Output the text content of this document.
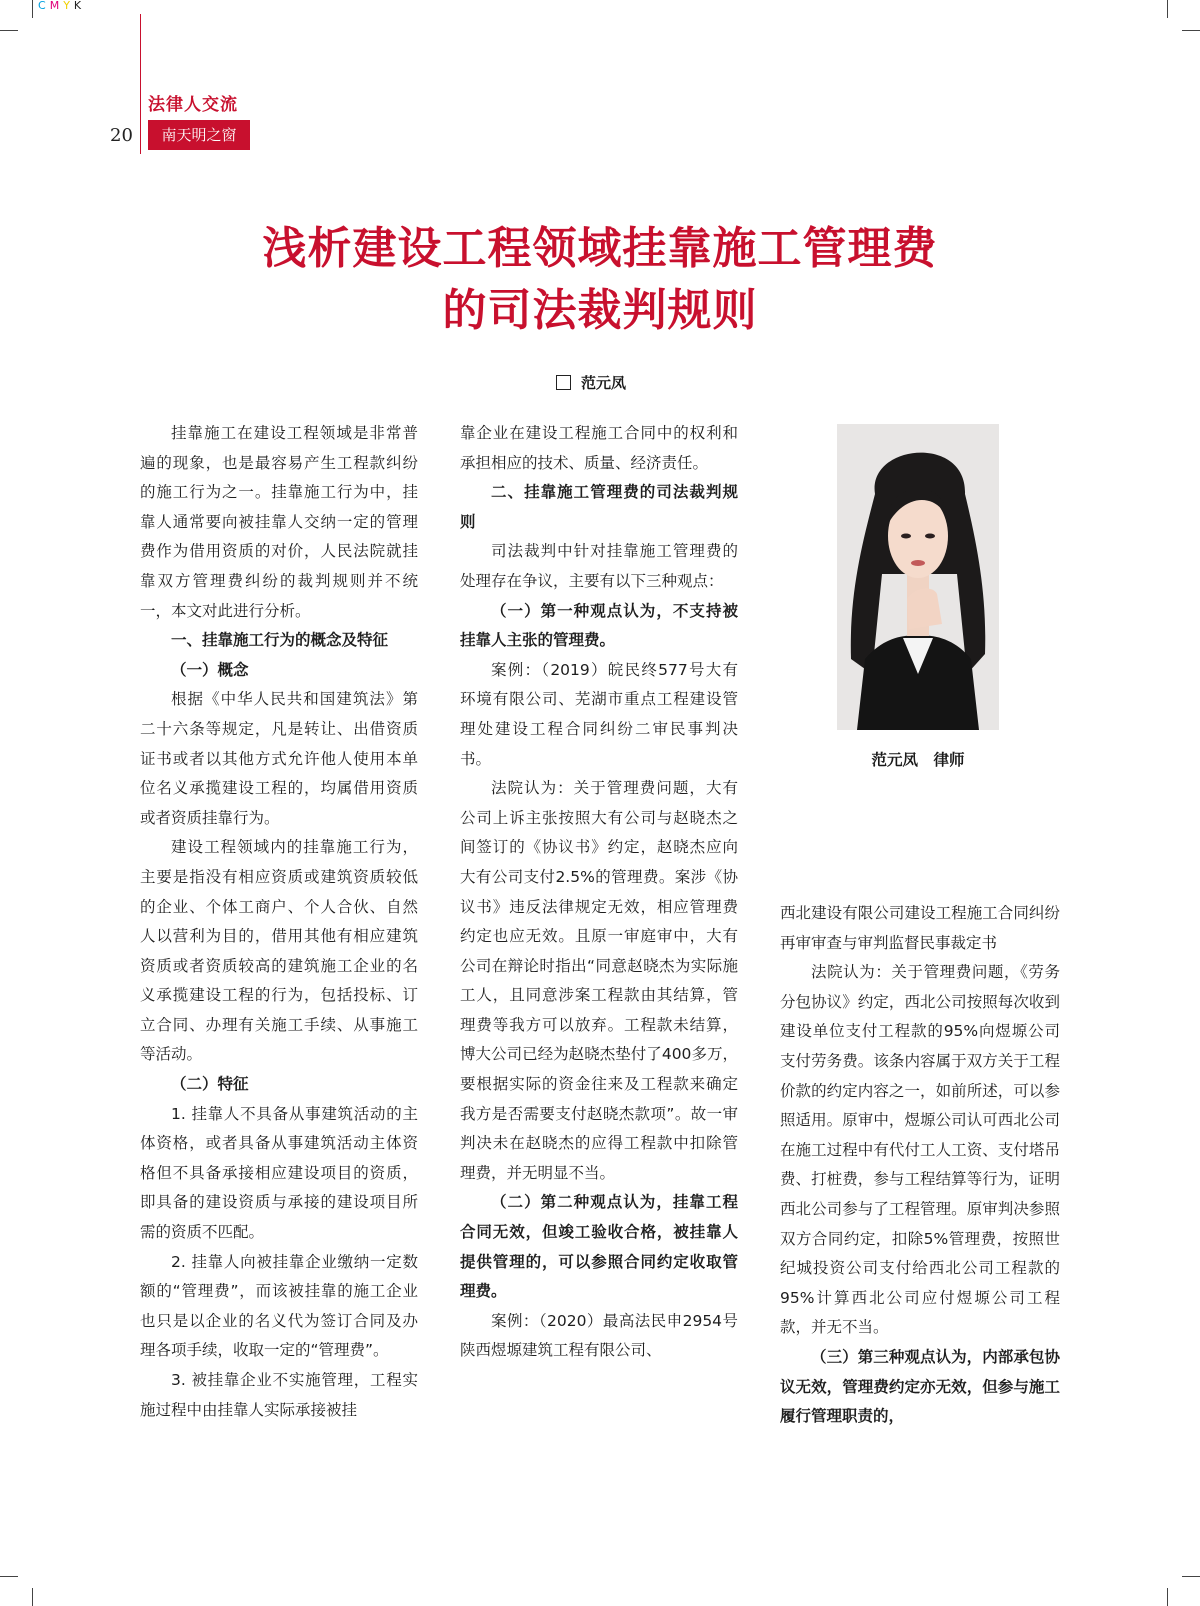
CMYK
法律人交流
20	南天明之窗
浅析建设工程领域挂靠施工管理费
的司法裁判规则
范元凤

挂靠施工在建设工程领域是非常普遍的现象，也是最容易产生工程款纠纷的施工行为之一。挂靠施工行为中，挂靠人通常要向被挂靠人交纳一定的管理费作为借用资质的对价，人民法院就挂靠双方管理费纠纷的裁判规则并不统一，本文对此进行分析。

一、挂靠施工行为的概念及特征

（一）概念

根据《中华人民共和国建筑法》第二十六条等规定，凡是转让、出借资质证书或者以其他方式允许他人使用本单位名义承揽建设工程的，均属借用资质或者资质挂靠行为。

建设工程领域内的挂靠施工行为，主要是指没有相应资质或建筑资质较低的企业、个体工商户、个人合伙、自然人以营利为目的，借用其他有相应建筑资质或者资质较高的建筑施工企业的名义承揽建设工程的行为，包括投标、订立合同、办理有关施工手续、从事施工等活动。

（二）特征

1. 挂靠人不具备从事建筑活动的主体资格，或者具备从事建筑活动主体资格但不具备承接相应建设项目的资质，即具备的建设资质与承接的建设项目所需的资质不匹配。

2. 挂靠人向被挂靠企业缴纳一定数额的“管理费”，而该被挂靠的施工企业也只是以企业的名义代为签订合同及办理各项手续，收取一定的“管理费”。

3. 被挂靠企业不实施管理，工程实施过程中由挂靠人实际承接被挂

靠企业在建设工程施工合同中的权利和承担相应的技术、质量、经济责任。

二、挂靠施工管理费的司法裁判规则

司法裁判中针对挂靠施工管理费的处理存在争议，主要有以下三种观点：

（一）第一种观点认为，不支持被挂靠人主张的管理费。

案例：（2019）皖民终577号大有环境有限公司、芜湖市重点工程建设管理处建设工程合同纠纷二审民事判决书。

法院认为：关于管理费问题，大有公司上诉主张按照大有公司与赵晓杰之间签订的《协议书》约定，赵晓杰应向大有公司支付2.5%的管理费。案涉《协议书》违反法律规定无效，相应管理费约定也应无效。且原一审庭审中，大有公司在辩论时指出“同意赵晓杰为实际施工人，且同意涉案工程款由其结算，管理费等我方可以放弃。工程款未结算，博大公司已经为赵晓杰垫付了400多万，要根据实际的资金往来及工程款来确定我方是否需要支付赵晓杰款项”。故一审判决未在赵晓杰的应得工程款中扣除管理费，并无明显不当。

（二）第二种观点认为，挂靠工程合同无效，但竣工验收合格，被挂靠人提供管理的，可以参照合同约定收取管理费。

案例：（2020）最高法民申2954号陕西煜塬建筑工程有限公司、

西北建设有限公司建设工程施工合同纠纷再审审查与审判监督民事裁定书

法院认为：关于管理费问题，《劳务分包协议》约定，西北公司按照每次收到建设单位支付工程款的95%向煜塬公司支付劳务费。该条内容属于双方关于工程价款的约定内容之一，如前所述，可以参照适用。原审中，煜塬公司认可西北公司在施工过程中有代付工人工资、支付塔吊费、打桩费，参与工程结算等行为，证明西北公司参与了工程管理。原审判决参照双方合同约定，扣除5%管理费，按照世纪城投资公司支付给西北公司工程款的95%计算西北公司应付煜塬公司工程款，并无不当。

（三）第三种观点认为，内部承包协议无效，管理费约定亦无效，但参与施工履行管理职责的，

范元凤　律师
